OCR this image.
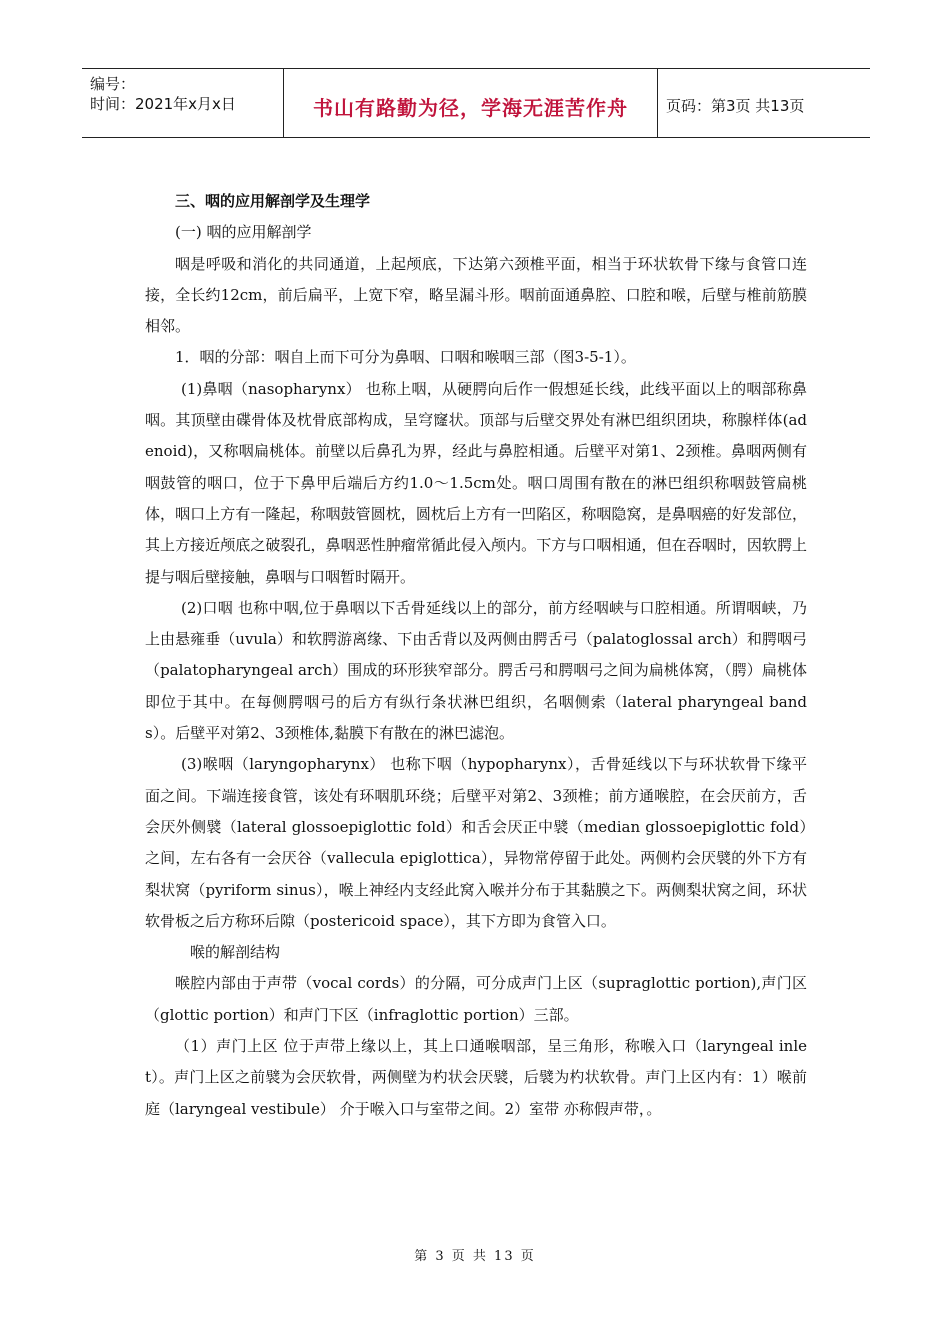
编号：
时间：2021年x月x日	书山有路勤为径，学海无涯苦作舟	页码：第3页 共13页

三、咽的应用解剖学及生理学

(一) 咽的应用解剖学

咽是呼吸和消化的共同通道，上起颅底，下达第六颈椎平面，相当于环状软骨下缘与食管口连接，全长约12cm，前后扁平，上宽下窄，略呈漏斗形。咽前面通鼻腔、口腔和喉，后壁与椎前筋膜相邻。

1．咽的分部：咽自上而下可分为鼻咽、口咽和喉咽三部（图3-5-1）。

(1)鼻咽（nasopharynx） 也称上咽，从硬腭向后作一假想延长线，此线平面以上的咽部称鼻咽。其顶壁由碟骨体及枕骨底部构成，呈穹窿状。顶部与后壁交界处有淋巴组织团块，称腺样体(adenoid)，又称咽扁桃体。前壁以后鼻孔为界，经此与鼻腔相通。后壁平对第1、2颈椎。鼻咽两侧有咽鼓管的咽口，位于下鼻甲后端后方约1.0～1.5cm处。咽口周围有散在的淋巴组织称咽鼓管扁桃体，咽口上方有一隆起，称咽鼓管圆枕，圆枕后上方有一凹陷区，称咽隐窝，是鼻咽癌的好发部位，其上方接近颅底之破裂孔，鼻咽恶性肿瘤常循此侵入颅内。下方与口咽相通，但在吞咽时，因软腭上提与咽后壁接触，鼻咽与口咽暂时隔开。

(2)口咽 也称中咽,位于鼻咽以下舌骨延线以上的部分，前方经咽峡与口腔相通。所谓咽峡，乃上由悬雍垂（uvula）和软腭游离缘、下由舌背以及两侧由腭舌弓（palatoglossal arch）和腭咽弓（palatopharyngeal arch）围成的环形狭窄部分。腭舌弓和腭咽弓之间为扁桃体窝，（腭）扁桃体即位于其中。在每侧腭咽弓的后方有纵行条状淋巴组织，名咽侧索（lateral pharyngeal bands）。后壁平对第2、3颈椎体,黏膜下有散在的淋巴滤泡。

(3)喉咽（laryngopharynx） 也称下咽（hypopharynx），舌骨延线以下与环状软骨下缘平面之间。下端连接食管，该处有环咽肌环绕；后壁平对第2、3颈椎；前方通喉腔，在会厌前方，舌会厌外侧襞（lateral glossoepiglottic fold）和舌会厌正中襞（median glossoepiglottic fold）之间，左右各有一会厌谷（vallecula epiglottica），异物常停留于此处。两侧杓会厌襞的外下方有梨状窝（pyriform sinus），喉上神经内支经此窝入喉并分布于其黏膜之下。两侧梨状窝之间，环状软骨板之后方称环后隙（postericoid space），其下方即为食管入口。

喉的解剖结构

喉腔内部由于声带（vocal cords）的分隔，可分成声门上区（supraglottic portion),声门区（glottic portion）和声门下区（infraglottic portion）三部。

（1）声门上区 位于声带上缘以上，其上口通喉咽部，呈三角形，称喉入口（laryngeal inlet）。声门上区之前襞为会厌软骨，两侧壁为杓状会厌襞，后襞为杓状软骨。声门上区内有：1）喉前庭（laryngeal vestibule） 介于喉入口与室带之间。2）室带 亦称假声带，。

第 3 页 共 13 页
